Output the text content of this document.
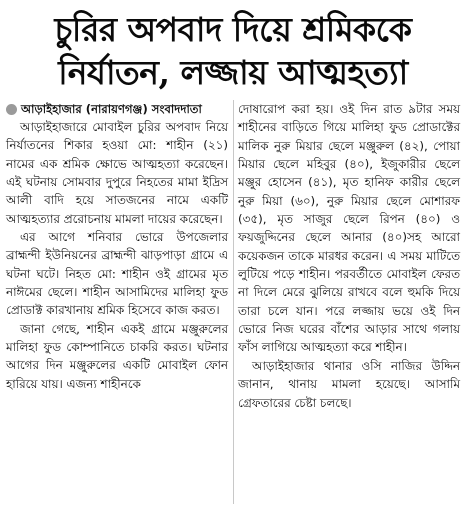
চুরির অপবাদ দিয়ে শ্রমিককে
নির্যাতন, লজ্জায় আত্মহত্যা
আড়াইহাজার (নারায়ণগঞ্জ) সংবাদদাতা

আড়াইহাজারে মোবাইল চুরির অপবাদ নিয়ে নির্যাতনের শিকার হওয়া মো: শাহীন (২১) নামের এক শ্রমিক ক্ষোভে আত্মহত্যা করেছেন। এই ঘটনায় সোমবার দুপুরে নিহতের মামা ইদ্রিস আলী বাদি হয়ে সাতজনের নামে একটি আত্মহত্যার প্ররোচনায় মামলা দায়ের করেছেন।

এর আগে শনিবার ভোরে উপজেলার ব্রাহ্মন্দী ইউনিয়নের ব্রাহ্মন্দী ঝাড়পাড়া গ্রামে এ ঘটনা ঘটে। নিহত মো: শাহীন ওই গ্রামের মৃত নাঈমের ছেলে। শাহীন আসামিদের মালিহা ফুড প্রোডাক্ট কারখানায় শ্রমিক হিসেবে কাজ করত।

জানা গেছে, শাহীন একই গ্রামে মঞ্জুরুলের মালিহা ফুড কোম্পানিতে চাকরি করত। ঘটনার আগের দিন মঞ্জুরুলের একটি মোবাইল ফোন হারিয়ে যায়। এজন্য শাহীনকে

দোষারোপ করা হয়। ওই দিন রাত ৯টার সময় শাহীনের বাড়িতে গিয়ে মালিহা ফুড প্রোডাক্টের মালিক নুরু মিয়ার ছেলে মঞ্জুরুল (৪২), পোয়া মিয়ার ছেলে মহিবুর (৪০), ইজুকারীর ছেলে মঞ্জুর হোসেন (৪১), মৃত হানিফ কারীর ছেলে নুরু মিয়া (৬০), নুরু মিয়ার ছেলে মোশারফ (৩৫), মৃত সাজুর ছেলে রিপন (৪০) ও ফয়জুদ্দিনের ছেলে আনার (৪০)সহ আরো কয়েকজন তাকে মারধর করেন। এ সময় মাটিতে লুটিয়ে পড়ে শাহীন। পরবর্তীতে মোবাইল ফেরত না দিলে মেরে ঝুলিয়ে রাখবে বলে হুমকি দিয়ে তারা চলে যান। পরে লজ্জায় ভয়ে ওই দিন ভোরে নিজ ঘরের বাঁশের আড়ার সাথে গলায় ফাঁস লাগিয়ে আত্মহত্যা করে শাহীন।

আড়াইহাজার থানার ওসি নাজির উদ্দিন জানান, থানায় মামলা হয়েছে। আসামি গ্রেফতারের চেষ্টা চলছে।
